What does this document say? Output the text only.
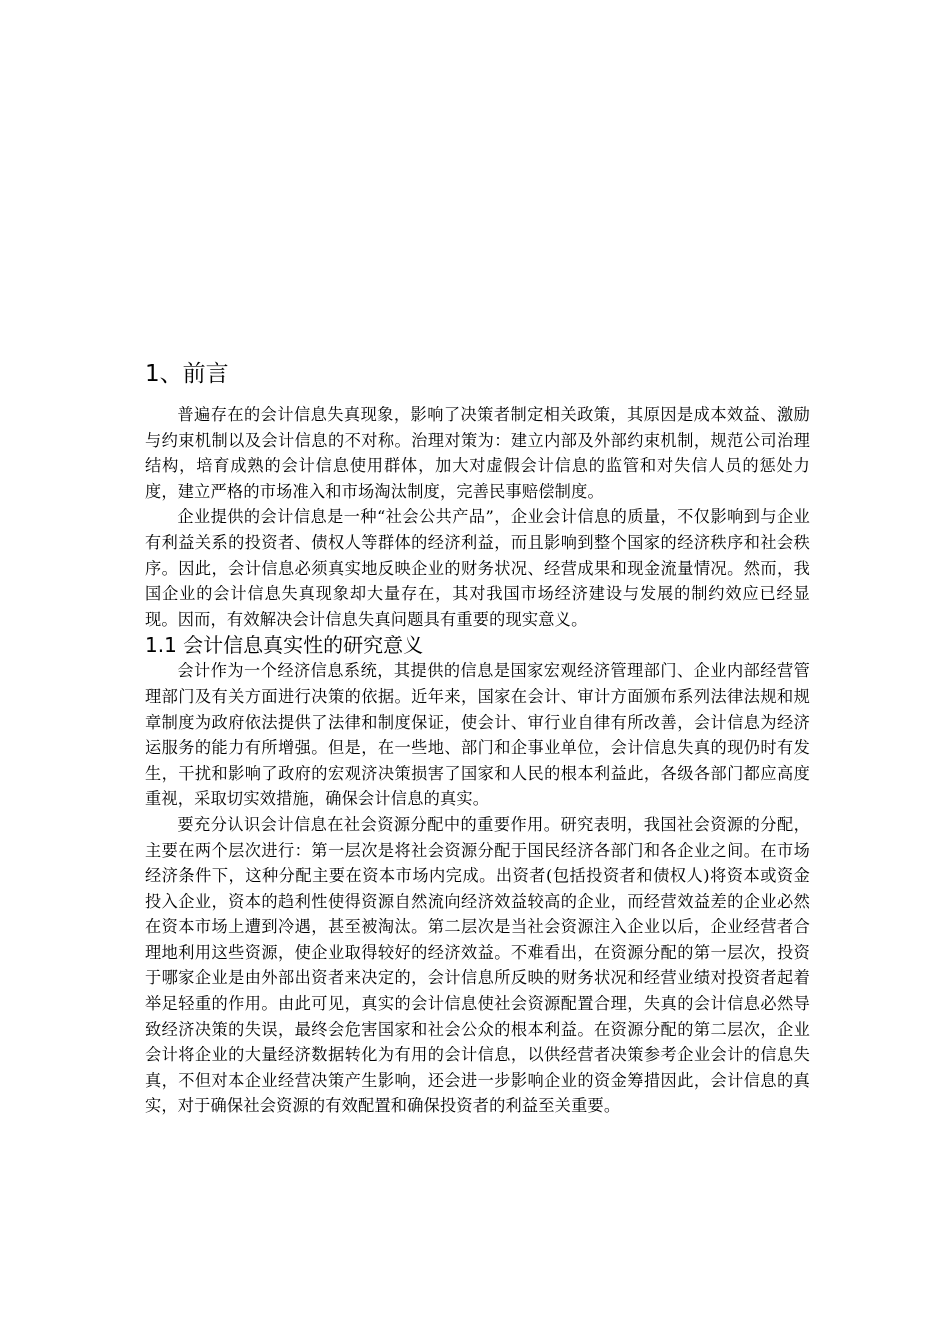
1、前言

普遍存在的会计信息失真现象，影响了决策者制定相关政策，其原因是成本效益、激励与约束机制以及会计信息的不对称。治理对策为：建立内部及外部约束机制，规范公司治理结构，培育成熟的会计信息使用群体，加大对虚假会计信息的监管和对失信人员的惩处力度，建立严格的市场准入和市场淘汰制度，完善民事赔偿制度。

企业提供的会计信息是一种“社会公共产品”，企业会计信息的质量，不仅影响到与企业有利益关系的投资者、债权人等群体的经济利益，而且影响到整个国家的经济秩序和社会秩序。因此，会计信息必须真实地反映企业的财务状况、经营成果和现金流量情况。然而，我国企业的会计信息失真现象却大量存在，其对我国市场经济建设与发展的制约效应已经显现。因而，有效解决会计信息失真问题具有重要的现实意义。

1.1 会计信息真实性的研究意义

会计作为一个经济信息系统，其提供的信息是国家宏观经济管理部门、企业内部经营管理部门及有关方面进行决策的依据。近年来，国家在会计、审计方面颁布系列法律法规和规章制度为政府依法提供了法律和制度保证，使会计、审行业自律有所改善，会计信息为经济运服务的能力有所增强。但是，在一些地、部门和企事业单位，会计信息失真的现仍时有发生，干扰和影响了政府的宏观济决策损害了国家和人民的根本利益此，各级各部门都应高度重视，采取切实效措施，确保会计信息的真实。

要充分认识会计信息在社会资源分配中的重要作用。研究表明，我国社会资源的分配，主要在两个层次进行：第一层次是将社会资源分配于国民经济各部门和各企业之间。在市场经济条件下，这种分配主要在资本市场内完成。出资者(包括投资者和债权人)将资本或资金投入企业，资本的趋利性使得资源自然流向经济效益较高的企业，而经营效益差的企业必然在资本市场上遭到冷遇，甚至被淘汰。第二层次是当社会资源注入企业以后，企业经营者合理地利用这些资源，使企业取得较好的经济效益。不难看出，在资源分配的第一层次，投资于哪家企业是由外部出资者来决定的，会计信息所反映的财务状况和经营业绩对投资者起着举足轻重的作用。由此可见，真实的会计信息使社会资源配置合理，失真的会计信息必然导致经济决策的失误，最终会危害国家和社会公众的根本利益。在资源分配的第二层次，企业会计将企业的大量经济数据转化为有用的会计信息，以供经营者决策参考企业会计的信息失真，不但对本企业经营决策产生影响，还会进一步影响企业的资金筹措因此，会计信息的真实，对于确保社会资源的有效配置和确保投资者的利益至关重要。
